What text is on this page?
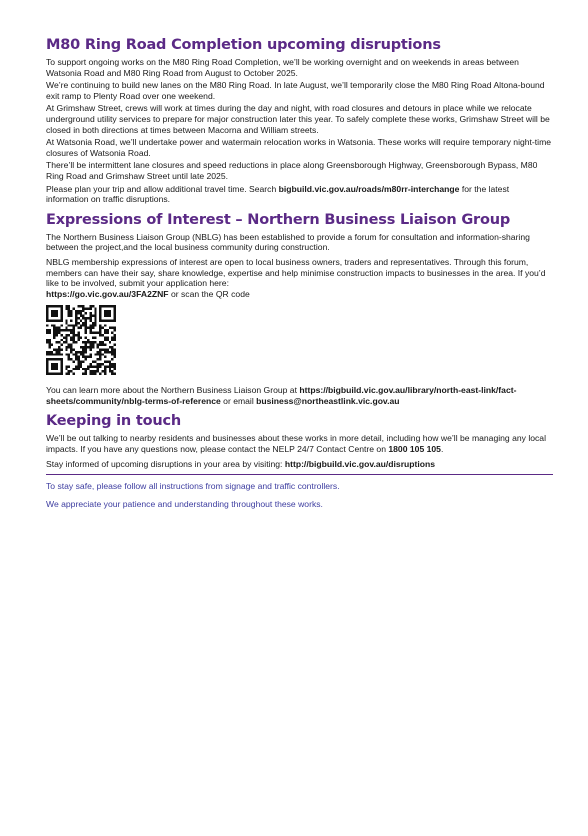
M80 Ring Road Completion upcoming disruptions

To support ongoing works on the M80 Ring Road Completion, we’ll be working overnight and on weekends in areas between Watsonia Road and M80 Ring Road from August to October 2025.

We’re continuing to build new lanes on the M80 Ring Road. In late August, we’ll temporarily close the M80 Ring Road Altona-bound exit ramp to Plenty Road over one weekend.

At Grimshaw Street, crews will work at times during the day and night, with road closures and detours in place while we relocate underground utility services to prepare for major construction later this year. To safely complete these works, Grimshaw Street will be closed in both directions at times between Macorna and William streets.

At Watsonia Road, we’ll undertake power and watermain relocation works in Watsonia. These works will require temporary night-time closures of Watsonia Road.

There’ll be intermittent lane closures and speed reductions in place along Greensborough Highway, Greensborough Bypass, M80 Ring Road and Grimshaw Street until late 2025.

Please plan your trip and allow additional travel time. Search bigbuild.vic.gov.au/roads/m80rr-interchange for the latest information on traffic disruptions.

Expressions of Interest – Northern Business Liaison Group

The Northern Business Liaison Group (NBLG) has been established to provide a forum for consultation and information-sharing between the project,and the local business community during construction.

NBLG membership expressions of interest are open to local business owners, traders and representatives. Through this forum, members can have their say, share knowledge, expertise and help minimise construction impacts to businesses in the area. If you’d like to be involved, submit your application here:
https://go.vic.gov.au/3FA2ZNF or scan the QR code

You can learn more about the Northern Business Liaison Group at https://bigbuild.vic.gov.au/library/north-east-link/fact-sheets/community/nblg-terms-of-reference or email business@northeastlink.vic.gov.au

Keeping in touch

We’ll be out talking to nearby residents and businesses about these works in more detail, including how we’ll be managing any local impacts. If you have any questions now, please contact the NELP 24/7 Contact Centre on 1800 105 105.

Stay informed of upcoming disruptions in your area by visiting: http://bigbuild.vic.gov.au/disruptions

To stay safe, please follow all instructions from signage and traffic controllers.

We appreciate your patience and understanding throughout these works.
